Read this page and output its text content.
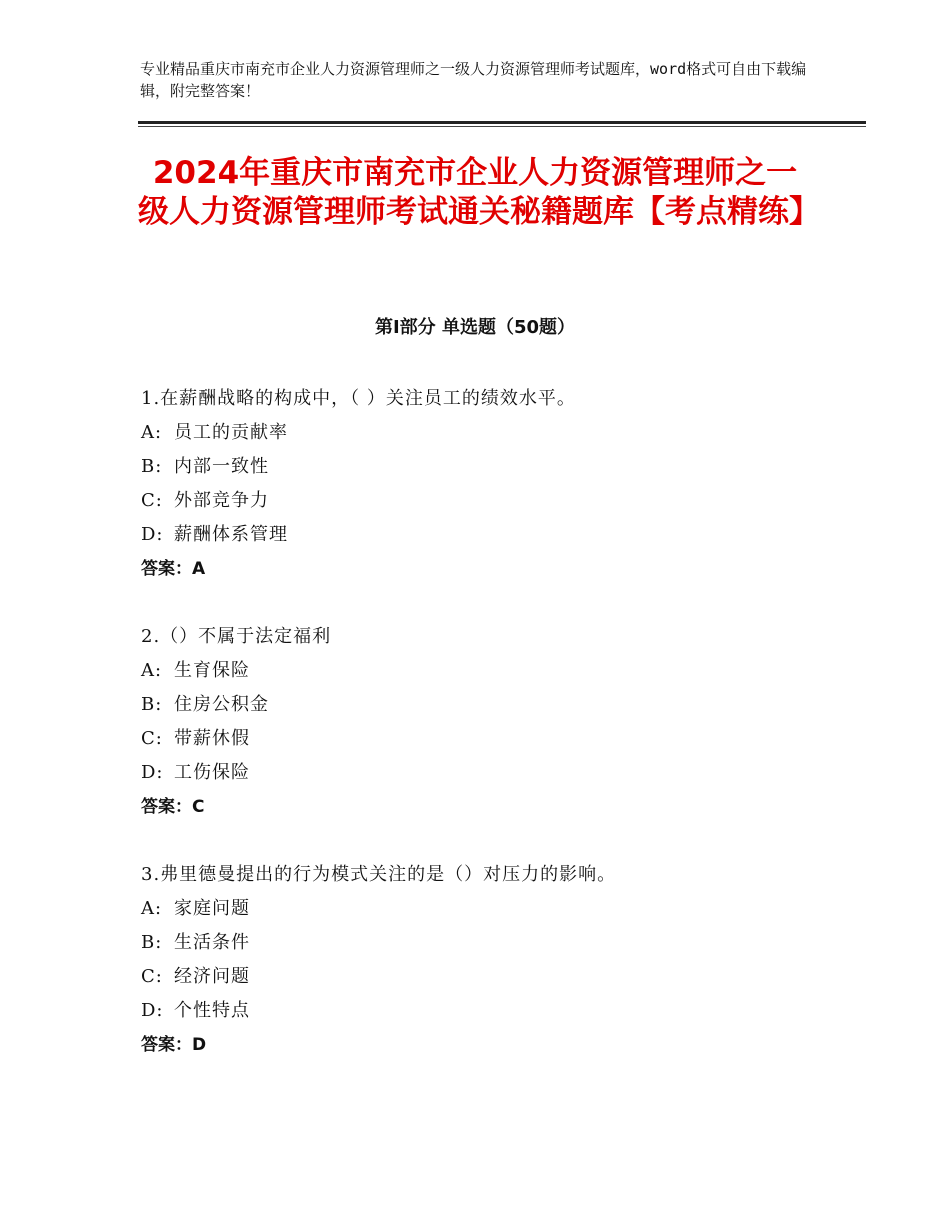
专业精品重庆市南充市企业人力资源管理师之一级人力资源管理师考试题库，word格式可自由下载编辑，附完整答案！
2024年重庆市南充市企业人力资源管理师之一级人力资源管理师考试通关秘籍题库【考点精练】
第Ⅰ部分 单选题（50题）
1.在薪酬战略的构成中，（ ）关注员工的绩效水平。
A: 员工的贡献率
B: 内部一致性
C: 外部竞争力
D: 薪酬体系管理
答案：A
2.（）不属于法定福利
A: 生育保险
B: 住房公积金
C: 带薪休假
D: 工伤保险
答案：C
3.弗里德曼提出的行为模式关注的是（）对压力的影响。
A: 家庭问题
B: 生活条件
C: 经济问题
D: 个性特点
答案：D
